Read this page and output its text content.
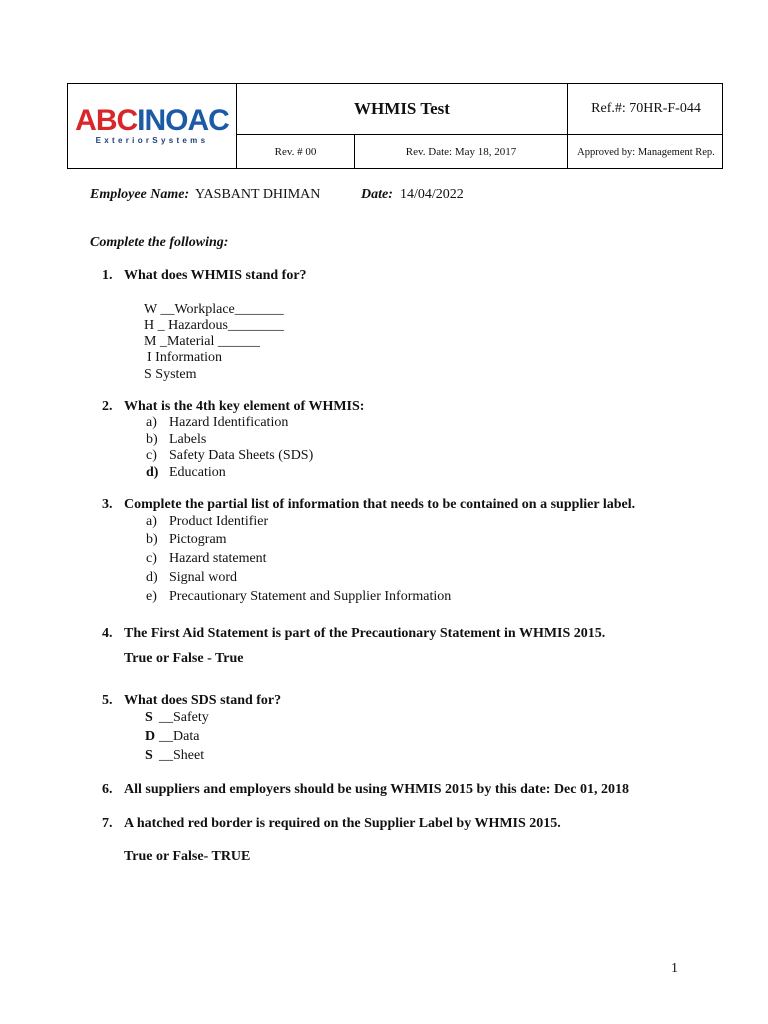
ABCINOAC
ExteriorSystems
WHMIS Test	Ref.#: 70HR-F-044
Rev. # 00	Rev. Date: May 18, 2017	Approved by: Management Rep.
Employee Name: YASBANT DHIMAN	Date: 14/04/2022
Complete the following:
1. What does WHMIS stand for?
W __Workplace_______
H _ Hazardous________
M _Material ______
I Information
S System
2. What is the 4th key element of WHMIS:
a) Hazard Identification
b) Labels
c) Safety Data Sheets (SDS)
d) Education
3. Complete the partial list of information that needs to be contained on a supplier label.
a) Product Identifier
b) Pictogram
c) Hazard statement
d) Signal word
e) Precautionary Statement and Supplier Information
4. The First Aid Statement is part of the Precautionary Statement in WHMIS 2015.
True or False - True
5. What does SDS stand for?
S __Safety
D __Data
S __Sheet
6. All suppliers and employers should be using WHMIS 2015 by this date: Dec 01, 2018
7. A hatched red border is required on the Supplier Label by WHMIS 2015.
True or False- TRUE
1
